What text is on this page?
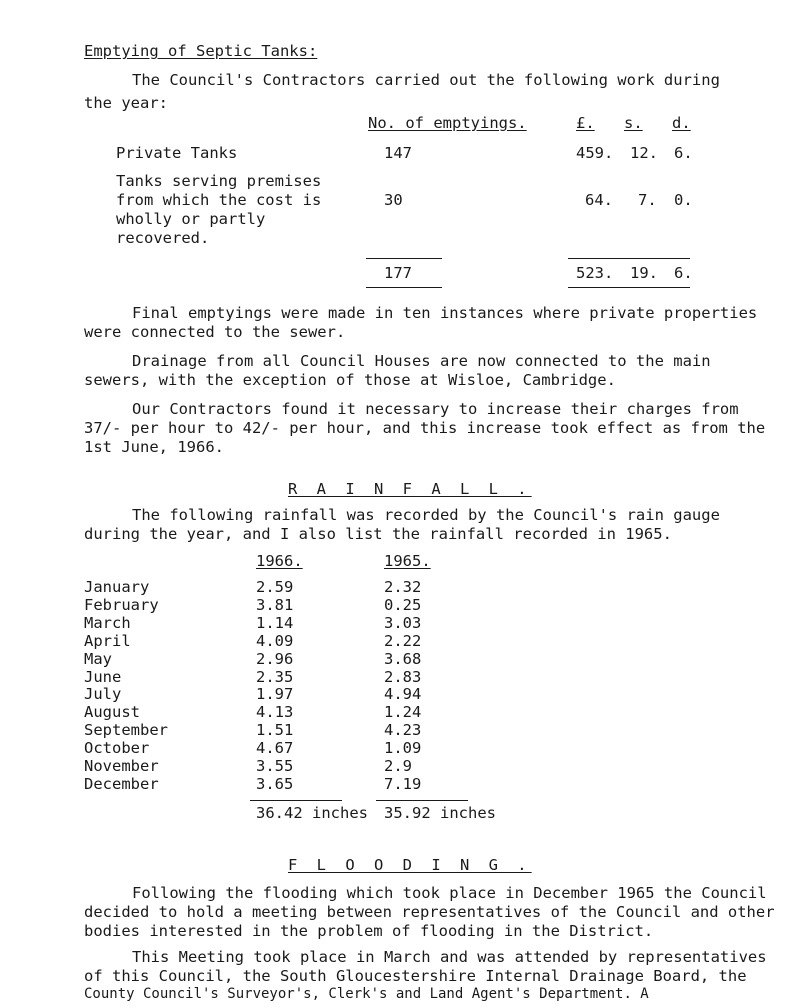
Emptying of Septic Tanks:
The Council's Contractors carried out the following work during
the year:
No. of emptyings.	£. s. d.
Private Tanks	147	459. 12. 6.
Tanks serving premises
from which the cost is
wholly or partly
recovered.
30	64. 7. 0.
177	523. 19. 6.
Final emptyings were made in ten instances where private properties
were connected to the sewer.
Drainage from all Council Houses are now connected to the main
sewers, with the exception of those at Wisloe, Cambridge.
Our Contractors found it necessary to increase their charges from
37/- per hour to 42/- per hour, and this increase took effect as from the
1st June, 1966.
R A I N F A L L .
The following rainfall was recorded by the Council's rain gauge
during the year, and I also list the rainfall recorded in 1965.
1966.	1965.
January	2.59	2.32
February	3.81	0.25
March	1.14	3.03
April	4.09	2.22
May	2.96	3.68
June	2.35	2.83
July	1.97	4.94
August	4.13	1.24
September	1.51	4.23
October	4.67	1.09
November	3.55	2.9
December	3.65	7.19
36.42 inches 35.92 inches
F L O O D I N G .
Following the flooding which took place in December 1965 the Council
decided to hold a meeting between representatives of the Council and other
bodies interested in the problem of flooding in the District.
This Meeting took place in March and was attended by representatives
of this Council, the South Gloucestershire Internal Drainage Board, the
County Council's Surveyor's, Clerk's and Land Agent's Department. A
